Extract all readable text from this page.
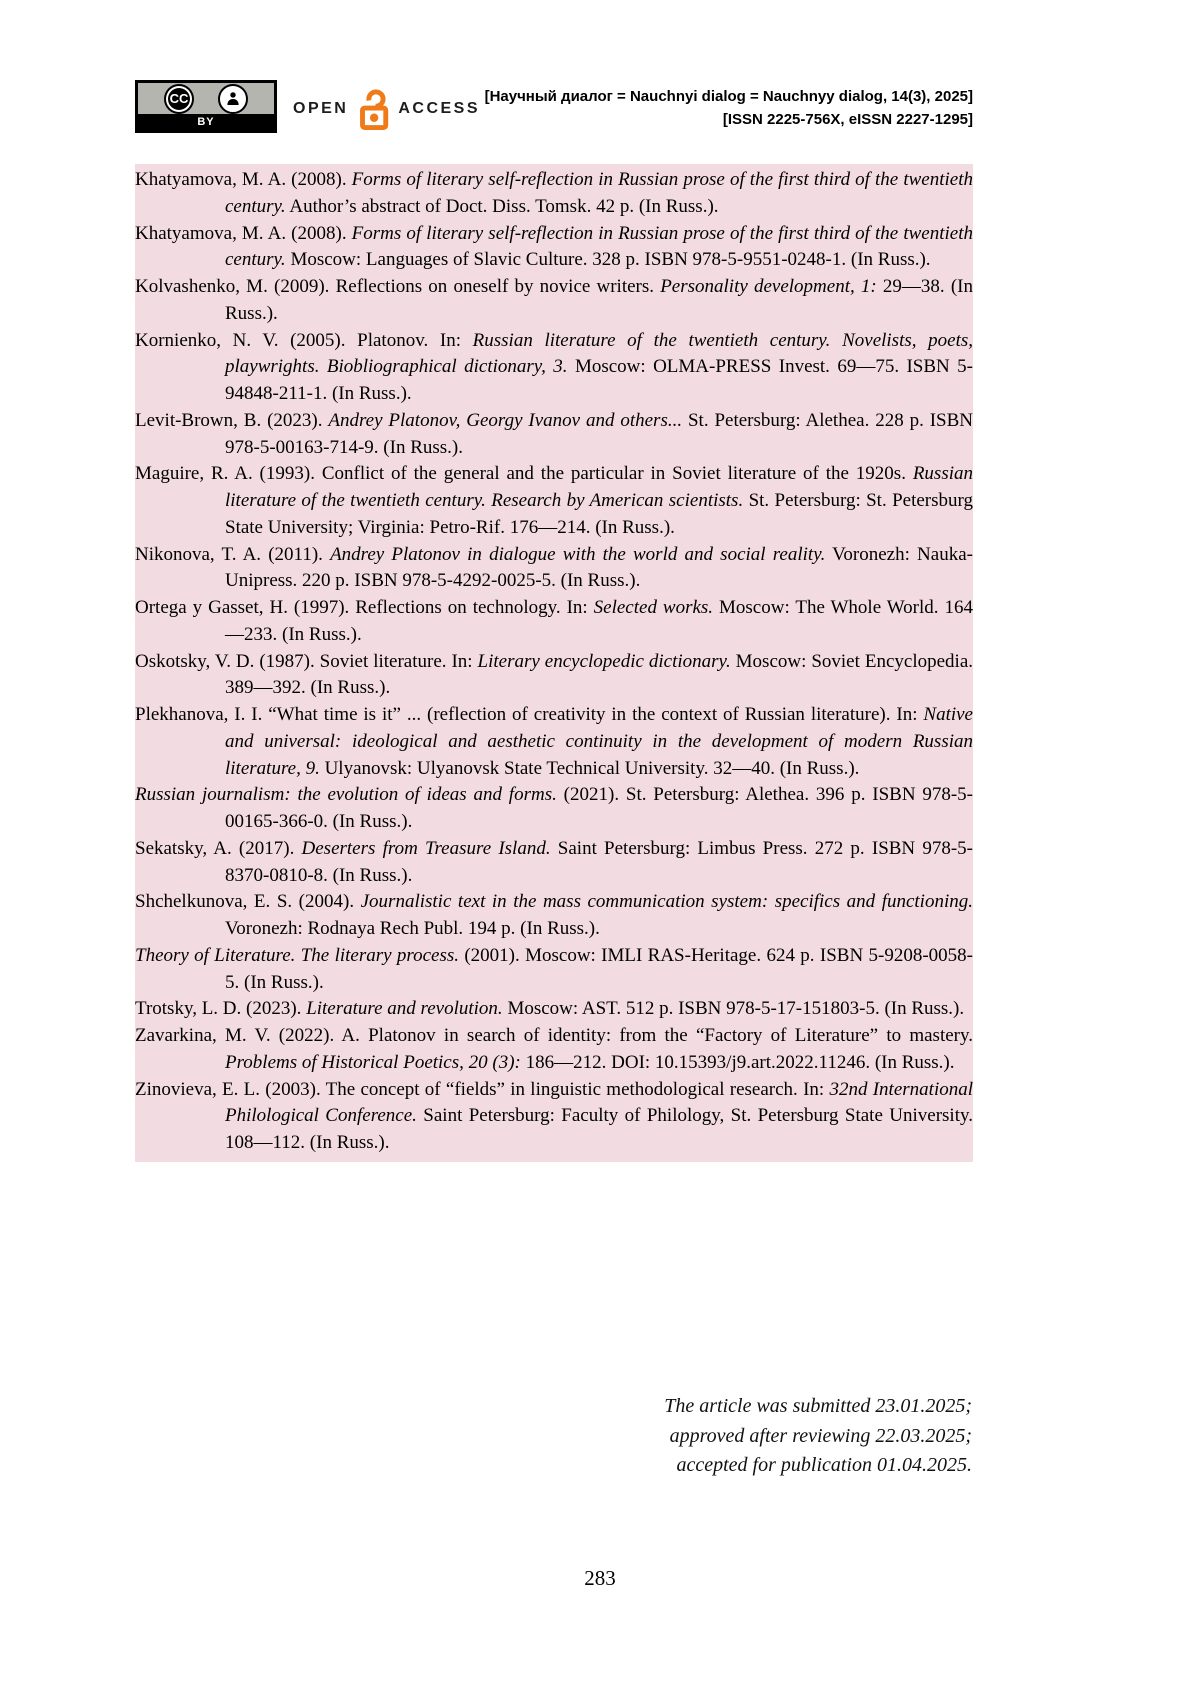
CC
BY
OPEN	ACCESS
[Научный диалог = Nauchnyi dialog = Nauchnyy dialog, 14(3), 2025]
[ISSN 2225-756X, eISSN 2227-1295]

Khatyamova, M. A. (2008). Forms of literary self-reflection in Russian prose of the first third of the twentieth century. Author’s abstract of Doct. Diss. Tomsk. 42 p. (In Russ.).

Khatyamova, M. A. (2008). Forms of literary self-reflection in Russian prose of the first third of the twentieth century. Moscow: Languages of Slavic Culture. 328 p. ISBN 978-5-9551-0248-1. (In Russ.).

Kolvashenko, M. (2009). Reflections on oneself by novice writers. Personality development, 1: 29—38. (In Russ.).

Kornienko, N. V. (2005). Platonov. In: Russian literature of the twentieth century. Novelists, poets, playwrights. Biobliographical dictionary, 3. Moscow: OLMA-PRESS Invest. 69—75. ISBN 5-94848-211-1. (In Russ.).

Levit-Brown, B. (2023). Andrey Platonov, Georgy Ivanov and others... St. Petersburg: Alethea. 228 p. ISBN 978-5-00163-714-9. (In Russ.).

Maguire, R. A. (1993). Conflict of the general and the particular in Soviet literature of the 1920s. Russian literature of the twentieth century. Research by American scientists. St. Petersburg: St. Petersburg State University; Virginia: Petro-Rif. 176—214. (In Russ.).

Nikonova, T. A. (2011). Andrey Platonov in dialogue with the world and social reality. Voronezh: Nauka-Unipress. 220 p. ISBN 978-5-4292-0025-5. (In Russ.).

Ortega y Gasset, H. (1997). Reflections on technology. In: Selected works. Moscow: The Whole World. 164—233. (In Russ.).

Oskotsky, V. D. (1987). Soviet literature. In: Literary encyclopedic dictionary. Moscow: Soviet Encyclopedia. 389—392. (In Russ.).

Plekhanova, I. I. “What time is it” ... (reflection of creativity in the context of Russian literature). In: Native and universal: ideological and aesthetic continuity in the development of modern Russian literature, 9. Ulyanovsk: Ulyanovsk State Technical University. 32—40. (In Russ.).

Russian journalism: the evolution of ideas and forms. (2021). St. Petersburg: Alethea. 396 p. ISBN 978-5-00165-366-0. (In Russ.).

Sekatsky, A. (2017). Deserters from Treasure Island. Saint Petersburg: Limbus Press. 272 p. ISBN 978-5-8370-0810-8. (In Russ.).

Shchelkunova, E. S. (2004). Journalistic text in the mass communication system: specifics and functioning. Voronezh: Rodnaya Rech Publ. 194 p. (In Russ.).

Theory of Literature. The literary process. (2001). Moscow: IMLI RAS-Heritage. 624 p. ISBN 5-9208-0058-5. (In Russ.).

Trotsky, L. D. (2023). Literature and revolution. Moscow: AST. 512 p. ISBN 978-5-17-151803-5. (In Russ.).

Zavarkina, M. V. (2022). A. Platonov in search of identity: from the “Factory of Literature” to mastery. Problems of Historical Poetics, 20 (3): 186—212. DOI: 10.15393/j9.art.2022.11246. (In Russ.).

Zinovieva, E. L. (2003). The concept of “fields” in linguistic methodological research. In: 32nd International Philological Conference. Saint Petersburg: Faculty of Philology, St. Petersburg State University. 108—112. (In Russ.).

The article was submitted 23.01.2025;
approved after reviewing 22.03.2025;
accepted for publication 01.04.2025.
283
